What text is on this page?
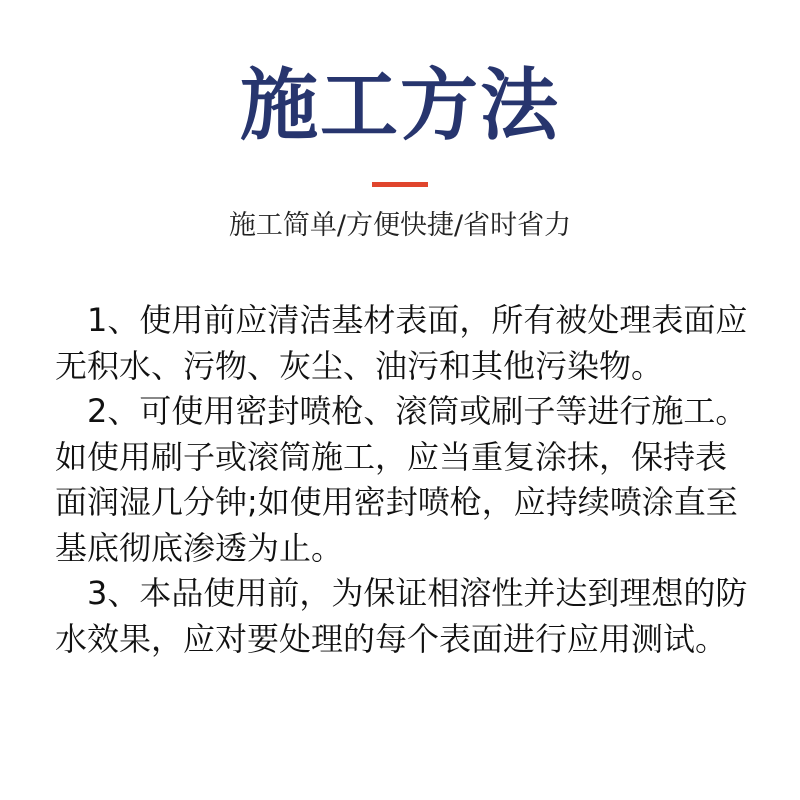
施工方法
施工简单/方便快捷/省时省力

1、使用前应清洁基材表面，所有被处理表面应无积水、污物、灰尘、油污和其他污染物。

2、可使用密封喷枪、滚筒或刷子等进行施工。如使用刷子或滚筒施工，应当重复涂抹，保持表面润湿几分钟;如使用密封喷枪，应持续喷涂直至基底彻底渗透为止。

3、本品使用前，为保证相溶性并达到理想的防水效果，应对要处理的每个表面进行应用测试。
